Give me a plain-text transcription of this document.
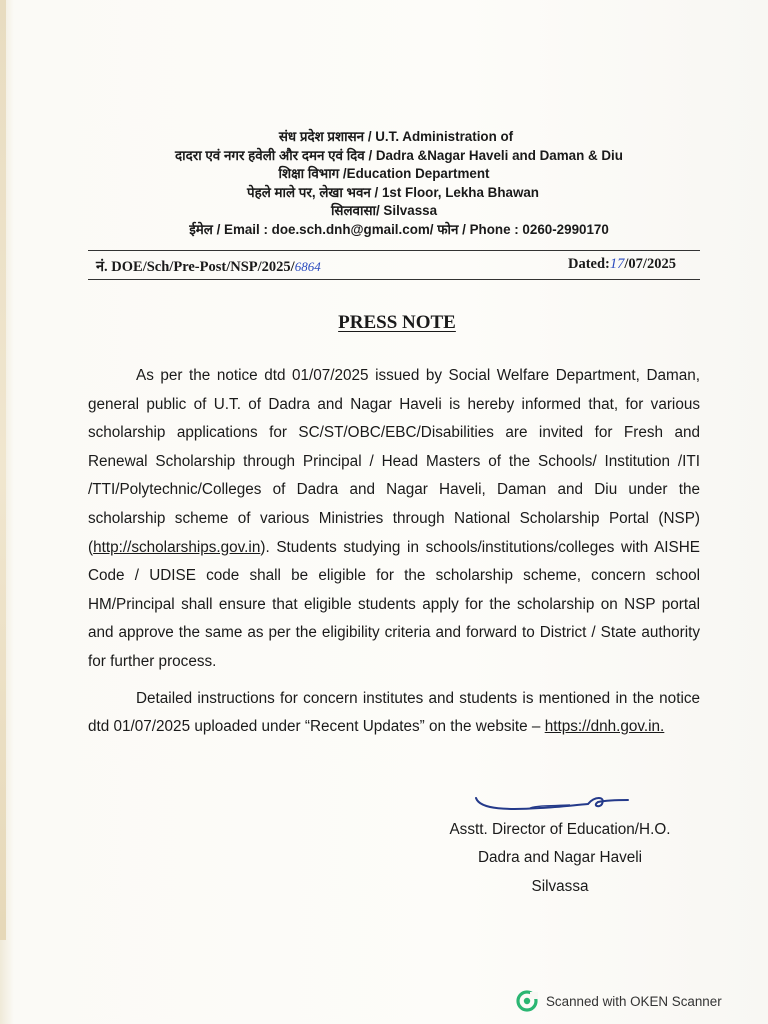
संध प्रदेश प्रशासन / U.T. Administration of
दादरा एवं नगर हवेली और दमन एवं दिव / Dadra &Nagar Haveli and Daman & Diu
शिक्षा विभाग /Education Department
पेहले माले पर, लेखा भवन / 1st Floor, Lekha Bhawan
सिलवासा/ Silvassa
ईमेल / Email : doe.sch.dnh@gmail.com/ फोन / Phone : 0260-2990170
नं. DOE/Sch/Pre-Post/NSP/2025/6864	Dated:17/07/2025
PRESS NOTE

As per the notice dtd 01/07/2025 issued by Social Welfare Department, Daman, general public of U.T. of Dadra and Nagar Haveli is hereby informed that, for various scholarship applications for SC/ST/OBC/EBC/Disabilities are invited for Fresh and Renewal Scholarship through Principal / Head Masters of the Schools/ Institution /ITI /TTI/Polytechnic/Colleges of Dadra and Nagar Haveli, Daman and Diu under the scholarship scheme of various Ministries through National Scholarship Portal (NSP) (http://scholarships.gov.in). Students studying in schools/institutions/colleges with AISHE Code / UDISE code shall be eligible for the scholarship scheme, concern school HM/Principal shall ensure that eligible students apply for the scholarship on NSP portal and approve the same as per the eligibility criteria and forward to District / State authority for further process.

Detailed instructions for concern institutes and students is mentioned in the notice dtd 01/07/2025 uploaded under “Recent Updates” on the website – https://dnh.gov.in.

Asstt. Director of Education/H.O.
Dadra and Nagar Haveli
Silvassa
Scanned with OKEN Scanner
